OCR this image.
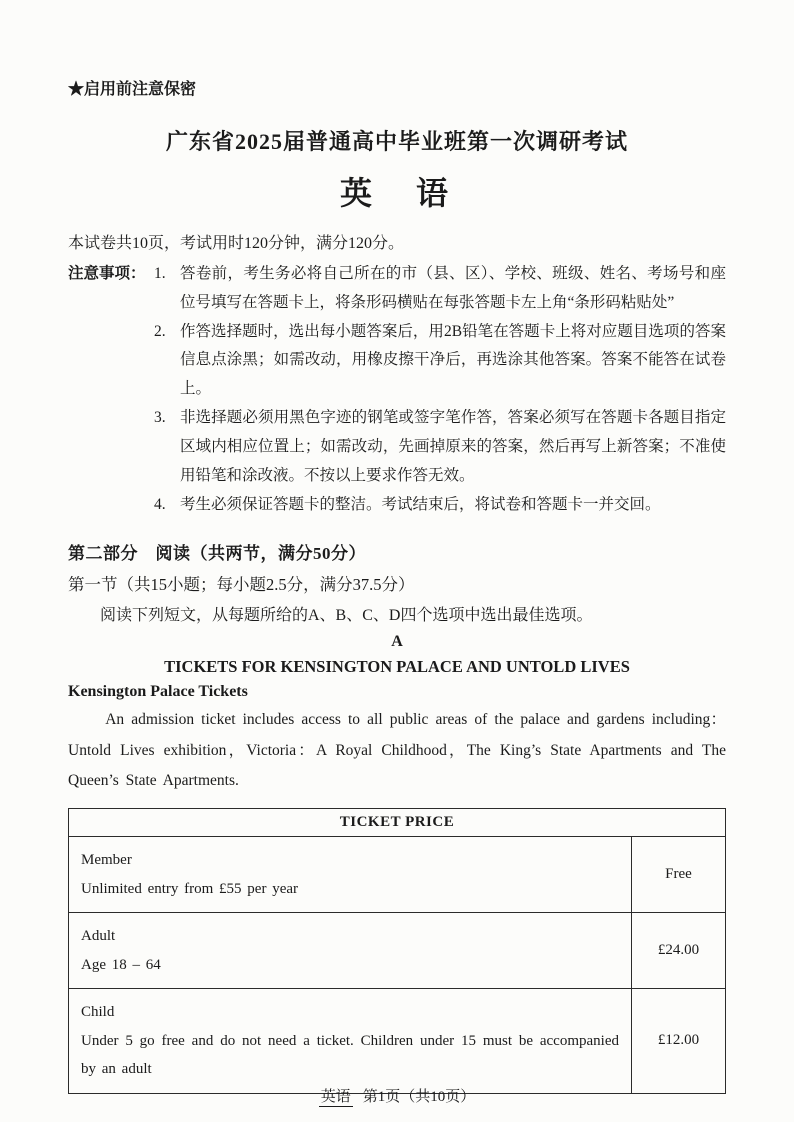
★启用前注意保密
广东省2025届普通高中毕业班第一次调研考试
英　语
本试卷共10页，考试用时120分钟，满分120分。
注意事项： 1. 答卷前，考生务必将自己所在的市（县、区）、学校、班级、姓名、考场号和座位号填写在答题卡上，将条形码横贴在每张答题卡左上角“条形码粘贴处”
2. 作答选择题时，选出每小题答案后，用2B铅笔在答题卡上将对应题目选项的答案信息点涂黑；如需改动，用橡皮擦干净后，再选涂其他答案。答案不能答在试卷上。
3. 非选择题必须用黑色字迹的钢笔或签字笔作答，答案必须写在答题卡各题目指定区域内相应位置上；如需改动，先画掉原来的答案，然后再写上新答案；不准使用铅笔和涂改液。不按以上要求作答无效。
4. 考生必须保证答题卡的整洁。考试结束后，将试卷和答题卡一并交回。
第二部分　阅读（共两节，满分50分）
第一节（共15小题；每小题2.5分，满分37.5分）
阅读下列短文，从每题所给的A、B、C、D四个选项中选出最佳选项。
A
TICKETS FOR KENSINGTON PALACE AND UNTOLD LIVES
Kensington Palace Tickets
An admission ticket includes access to all public areas of the palace and gardens including：Untold Lives exhibition，Victoria：A Royal Childhood，The King’s State Apartments and The Queen’s State Apartments.
TICKET PRICE	

Member
Unlimited entry from £55 per year	Free

Adult
Age 18 – 64	£24.00

Child
Under 5 go free and do not need a ticket. Children under 15 must be accompanied by an adult	£12.00
英语 第1页（共10页）
